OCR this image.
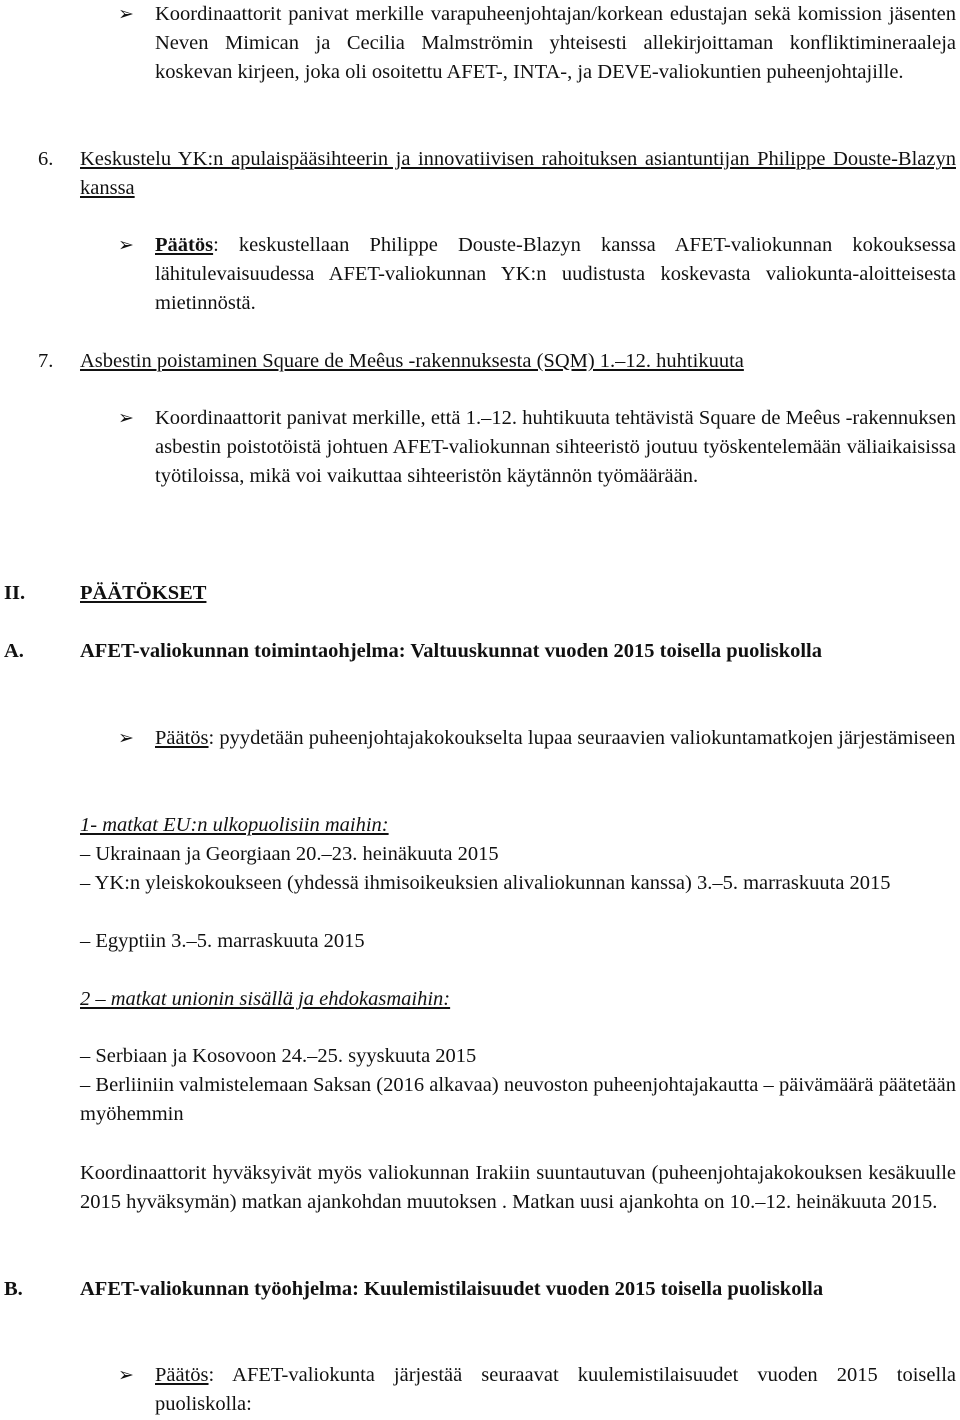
➢	Koordinaattorit panivat merkille varapuheenjohtajan/korkean edustajan sekä komission jäsenten Neven Mimican ja Cecilia Malmströmin yhteisesti allekirjoittaman konfliktimineraaleja koskevan kirjeen, joka oli osoitettu AFET-, INTA-, ja DEVE-valiokuntien puheenjohtajille.
6. Keskustelu YK:n apulaispääsihteerin ja innovatiivisen rahoituksen asiantuntijan Philippe Douste-Blazyn kanssa
➢	Päätös: keskustellaan Philippe Douste-Blazyn kanssa AFET-valiokunnan kokouksessa lähitulevaisuudessa AFET-valiokunnan YK:n uudistusta koskevasta valiokunta-aloitteisesta mietinnöstä.
7. Asbestin poistaminen Square de Meêus -rakennuksesta (SQM) 1.–12. huhtikuuta
➢	Koordinaattorit panivat merkille, että 1.–12. huhtikuuta tehtävistä Square de Meêus -rakennuksen asbestin poistotöistä johtuen AFET-valiokunnan sihteeristö joutuu työskentelemään väliaikaisissa työtiloissa, mikä voi vaikuttaa sihteeristön käytännön työmäärään.
II.	PÄÄTÖKSET
A.	AFET-valiokunnan toimintaohjelma: Valtuuskunnat vuoden 2015 toisella puoliskolla
➢	Päätös: pyydetään puheenjohtajakokoukselta lupaa seuraavien valiokuntamatkojen järjestämiseen
1- matkat EU:n ulkopuolisiin maihin:
– Ukrainaan ja Georgiaan 20.–23. heinäkuuta 2015
– YK:n yleiskokoukseen (yhdessä ihmisoikeuksien alivaliokunnan kanssa) 3.–5. marraskuuta 2015
– Egyptiin 3.–5. marraskuuta 2015
2 – matkat unionin sisällä ja ehdokasmaihin:
– Serbiaan ja Kosovoon 24.–25. syyskuuta 2015
– Berliiniin valmistelemaan Saksan (2016 alkavaa) neuvoston puheenjohtajakautta – päivämäärä päätetään myöhemmin
Koordinaattorit hyväksyivät myös valiokunnan Irakiin suuntautuvan (puheenjohtajakokouksen kesäkuulle 2015 hyväksymän) matkan ajankohdan muutoksen . Matkan uusi ajankohta on 10.–12. heinäkuuta 2015.
B.	AFET-valiokunnan työohjelma: Kuulemistilaisuudet vuoden 2015 toisella puoliskolla
➢	Päätös: AFET-valiokunta järjestää seuraavat kuulemistilaisuudet vuoden 2015 toisella puoliskolla:
